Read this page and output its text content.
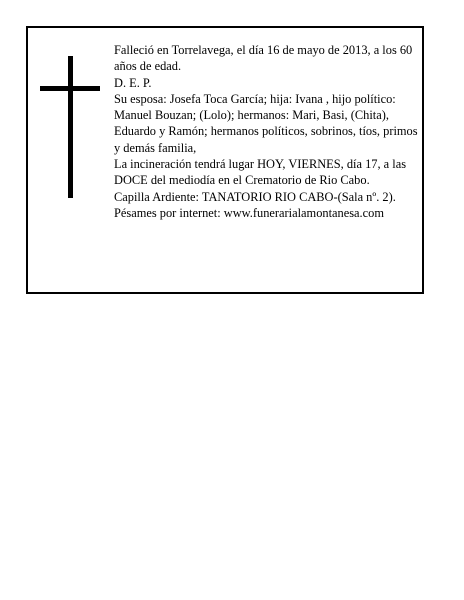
Falleció en Torrelavega, el día 16 de mayo de 2013, a los 60 años de edad.

D. E. P.

Su esposa: Josefa Toca García; hija: Ivana , hijo político: Manuel Bouzan; (Lolo); hermanos: Mari, Basi, (Chita), Eduardo y Ramón; hermanos políticos, sobrinos, tíos, primos y demás familia,

La incineración tendrá lugar HOY, VIERNES, día 17, a las DOCE del mediodía en el Crematorio de Rio Cabo.

Capilla Ardiente: TANATORIO RIO CABO-(Sala nº. 2).

Pésames por internet: www.funerarialamontanesa.com
